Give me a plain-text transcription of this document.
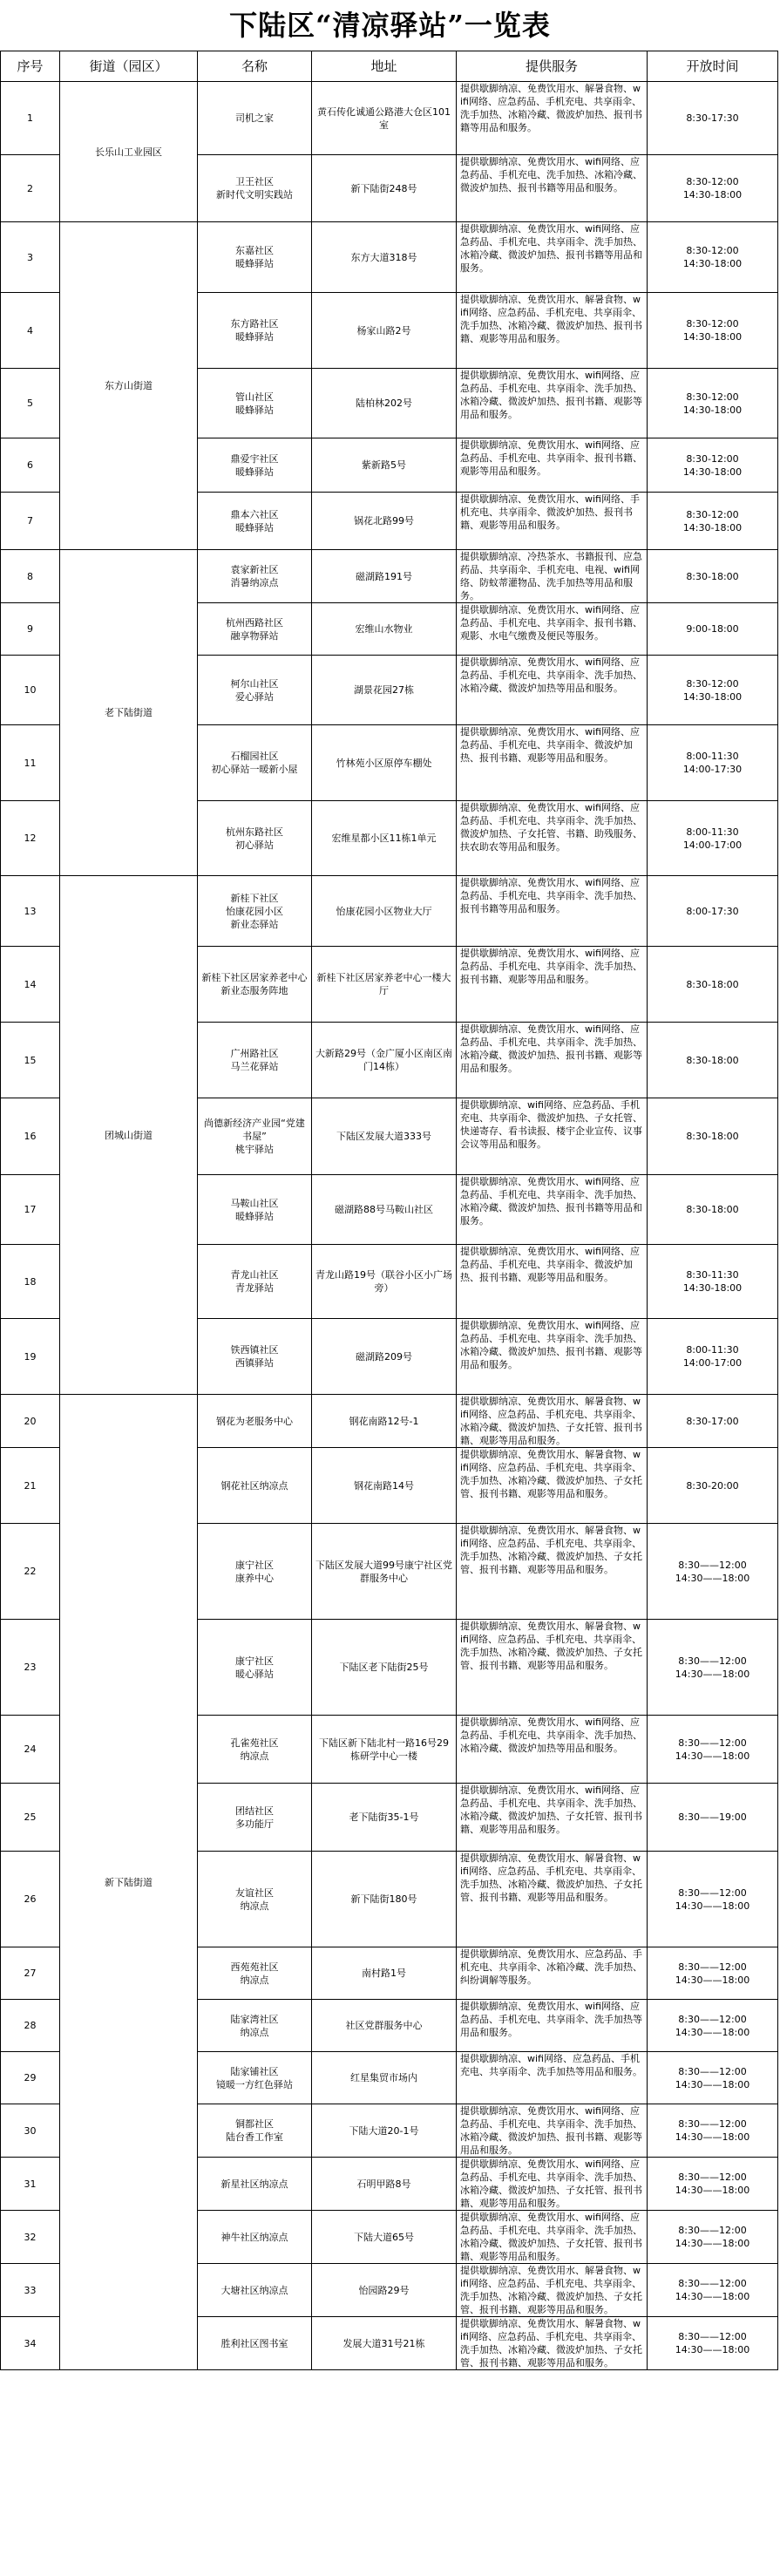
下陆区“清凉驿站”一览表
序号	街道（园区）	名称	地址	提供服务	开放时间
1	长乐山工业园区	司机之家	黄石传化诚通公路港大仓区101室	提供歇脚纳凉、免费饮用水、解暑食物、wifi网络、应急药品、手机充电、共享雨伞、洗手加热、冰箱冷藏、微波炉加热、报刊书籍等用品和服务。	8:30-17:30
2		卫王社区
新时代文明实践站	新下陆街248号	提供歇脚纳凉、免费饮用水、wifi网络、应急药品、手机充电、洗手加热、冰箱冷藏、微波炉加热、报刊书籍等用品和服务。	8:30-12:00
14:30-18:00
3	东方山街道	东嘉社区
暖蜂驿站	东方大道318号	提供歇脚纳凉、免费饮用水、wifi网络、应急药品、手机充电、共享雨伞、洗手加热、冰箱冷藏、微波炉加热、报刊书籍等用品和服务。	8:30-12:00
14:30-18:00
4		东方路社区
暖蜂驿站	杨家山路2号	提供歇脚纳凉、免费饮用水、解暑食物、wifi网络、应急药品、手机充电、共享雨伞、洗手加热、冰箱冷藏、微波炉加热、报刊书籍、观影等用品和服务。	8:30-12:00
14:30-18:00
5		管山社区
暖蜂驿站	陆柏林202号	提供歇脚纳凉、免费饮用水、wifi网络、应急药品、手机充电、共享雨伞、洗手加热、冰箱冷藏、微波炉加热、报刊书籍、观影等用品和服务。	8:30-12:00
14:30-18:00
6		鼎爱宇社区
暖蜂驿站	紫新路5号	提供歇脚纳凉、免费饮用水、wifi网络、应急药品、手机充电、共享雨伞、报刊书籍、观影等用品和服务。	8:30-12:00
14:30-18:00
7		鼎本六社区
暖蜂驿站	锅花北路99号	提供歇脚纳凉、免费饮用水、wifi网络、手机充电、共享雨伞、微波炉加热、报刊书籍、观影等用品和服务。	8:30-12:00
14:30-18:00
8	老下陆街道	袁家新社区
消暑纳凉点	磁湖路191号	提供歇脚纳凉、冷热茶水、书籍报刊、应急药品、共享雨伞、手机充电、电视、wifi网络、防蚊蒂灌物品、洗手加热等用品和服务。	8:30-18:00
9		杭州西路社区
融享物驿站	宏维山水物业	提供歇脚纳凉、免费饮用水、wifi网络、应急药品、手机充电、共享雨伞、报刊书籍、观影、水电气缴费及便民等服务。	9:00-18:00
10		柯尔山社区
爱心驿站	湖景花园27栋	提供歇脚纳凉、免费饮用水、wifi网络、应急药品、手机充电、共享雨伞、洗手加热、冰箱冷藏、微波炉加热等用品和服务。	8:30-12:00
14:30-18:00
11		石榴园社区
初心驿站一暖新小屋	竹林苑小区原停车棚处	提供歇脚纳凉、免费饮用水、wifi网络、应急药品、手机充电、共享雨伞、微波炉加热、报刊书籍、观影等用品和服务。	8:00-11:30
14:00-17:30
12		杭州东路社区
初心驿站	宏维星都小区11栋1单元	提供歇脚纳凉、免费饮用水、wifi网络、应急药品、手机充电、共享雨伞、洗手加热、微波炉加热、子女托管、书籍、助残服务、扶农助农等用品和服务。	8:00-11:30
14:00-17:00
13	团城山街道	新桂下社区
怡康花园小区
新业态驿站	怡康花园小区物业大厅	提供歇脚纳凉、免费饮用水、wifi网络、应急药品、手机充电、共享雨伞、洗手加热、报刊书籍等用品和服务。	8:00-17:30
14		新桂下社区居家养老中心新业态服务阵地	新桂下社区居家养老中心一楼大厅	提供歇脚纳凉、免费饮用水、wifi网络、应急药品、手机充电、共享雨伞、洗手加热、报刊书籍、观影等用品和服务。	8:30-18:00
15		广州路社区
马兰花驿站	大新路29号（金广厦小区南区南门14栋）	提供歇脚纳凉、免费饮用水、wifi网络、应急药品、手机充电、共享雨伞、洗手加热、冰箱冷藏、微波炉加热、报刊书籍、观影等用品和服务。	8:30-18:00
16		尚德新经济产业园“党建书屋”
桃宇驿站	下陆区发展大道333号	提供歇脚纳凉、wifi网络、应急药品、手机充电、共享雨伞、微波炉加热、子女托管、快递寄存、看书读报、楼宇企业宣传、议事会议等用品和服务。	8:30-18:00
17		马鞍山社区
暖蜂驿站	磁湖路88号马鞍山社区	提供歇脚纳凉、免费饮用水、wifi网络、应急药品、手机充电、共享雨伞、洗手加热、冰箱冷藏、微波炉加热、报刊书籍等用品和服务。	8:30-18:00
18		青龙山社区
青龙驿站	青龙山路19号（联谷小区小广场旁）	提供歇脚纳凉、免费饮用水、wifi网络、应急药品、手机充电、共享雨伞、微波炉加热、报刊书籍、观影等用品和服务。	8:30-11:30
14:30-18:00
19		铁西镇社区
西镇驿站	磁湖路209号	提供歇脚纳凉、免费饮用水、wifi网络、应急药品、手机充电、共享雨伞、洗手加热、冰箱冷藏、微波炉加热、报刊书籍、观影等用品和服务。	8:00-11:30
14:00-17:00
20	新下陆街道	钢花为老服务中心	钢花南路12号-1	提供歇脚纳凉、免费饮用水、解暑食物、wifi网络、应急药品、手机充电、共享雨伞、冰箱冷藏、微波炉加热、子女托管、报刊书籍、观影等用品和服务。	8:30-17:00
21		钢花社区纳凉点	钢花南路14号	提供歇脚纳凉、免费饮用水、解暑食物、wifi网络、应急药品、手机充电、共享雨伞、洗手加热、冰箱冷藏、微波炉加热、子女托管、报刊书籍、观影等用品和服务。	8:30-20:00
22		康宁社区
康养中心	下陆区发展大道99号康宁社区党群服务中心	提供歇脚纳凉、免费饮用水、解暑食物、wifi网络、应急药品、手机充电、共享雨伞、洗手加热、冰箱冷藏、微波炉加热、子女托管、报刊书籍、观影等用品和服务。	8:30——12:00
14:30——18:00
23		康宁社区
暖心驿站	下陆区老下陆街25号	提供歇脚纳凉、免费饮用水、解暑食物、wifi网络、应急药品、手机充电、共享雨伞、洗手加热、冰箱冷藏、微波炉加热、子女托管、报刊书籍、观影等用品和服务。	8:30——12:00
14:30——18:00
24		孔雀苑社区
纳凉点	下陆区新下陆北村一路16号29栋研学中心一楼	提供歇脚纳凉、免费饮用水、wifi网络、应急药品、手机充电、共享雨伞、洗手加热、冰箱冷藏、微波炉加热等用品和服务。	8:30——12:00
14:30——18:00
25		团结社区
多功能厅	老下陆街35-1号	提供歇脚纳凉、免费饮用水、wifi网络、应急药品、手机充电、共享雨伞、洗手加热、冰箱冷藏、微波炉加热、子女托管、报刊书籍、观影等用品和服务。	8:30——19:00
26		友谊社区
纳凉点	新下陆街180号	提供歇脚纳凉、免费饮用水、解暑食物、wifi网络、应急药品、手机充电、共享雨伞、洗手加热、冰箱冷藏、微波炉加热、子女托管、报刊书籍、观影等用品和服务。	8:30——12:00
14:30——18:00
27		西苑苑社区
纳凉点	南村路1号	提供歇脚纳凉、免费饮用水、应急药品、手机充电、共享雨伞、冰箱冷藏、洗手加热、纠纷调解等服务。	8:30——12:00
14:30——18:00
28		陆家湾社区
纳凉点	社区党群服务中心	提供歇脚纳凉、免费饮用水、wifi网络、应急药品、手机充电、共享雨伞、洗手加热等用品和服务。	8:30——12:00
14:30——18:00
29		陆家铺社区
镜暖一方红色驿站	红星集贸市场内	提供歇脚纳凉、wifi网络、应急药品、手机充电、共享雨伞、洗手加热等用品和服务。	8:30——12:00
14:30——18:00
30		铜都社区
陆台香工作室	下陆大道20-1号	提供歇脚纳凉、免费饮用水、wifi网络、应急药品、手机充电、共享雨伞、洗手加热、冰箱冷藏、微波炉加热、报刊书籍、观影等用品和服务。	8:30——12:00
14:30——18:00
31		新星社区纳凉点	石明甲路8号	提供歇脚纳凉、免费饮用水、wifi网络、应急药品、手机充电、共享雨伞、洗手加热、冰箱冷藏、微波炉加热、子女托管、报刊书籍、观影等用品和服务。	8:30——12:00
14:30——18:00
32		神牛社区纳凉点	下陆大道65号	提供歇脚纳凉、免费饮用水、wifi网络、应急药品、手机充电、共享雨伞、洗手加热、冰箱冷藏、微波炉加热、子女托管、报刊书籍、观影等用品和服务。	8:30——12:00
14:30——18:00
33		大塘社区纳凉点	怡园路29号	提供歇脚纳凉、免费饮用水、解暑食物、wifi网络、应急药品、手机充电、共享雨伞、洗手加热、冰箱冷藏、微波炉加热、子女托管、报刊书籍、观影等用品和服务。	8:30——12:00
14:30——18:00
34		胜利社区图书室	发展大道31号21栋	提供歇脚纳凉、免费饮用水、解暑食物、wifi网络、应急药品、手机充电、共享雨伞、洗手加热、冰箱冷藏、微波炉加热、子女托管、报刊书籍、观影等用品和服务。	8:30——12:00
14:30——18:00
